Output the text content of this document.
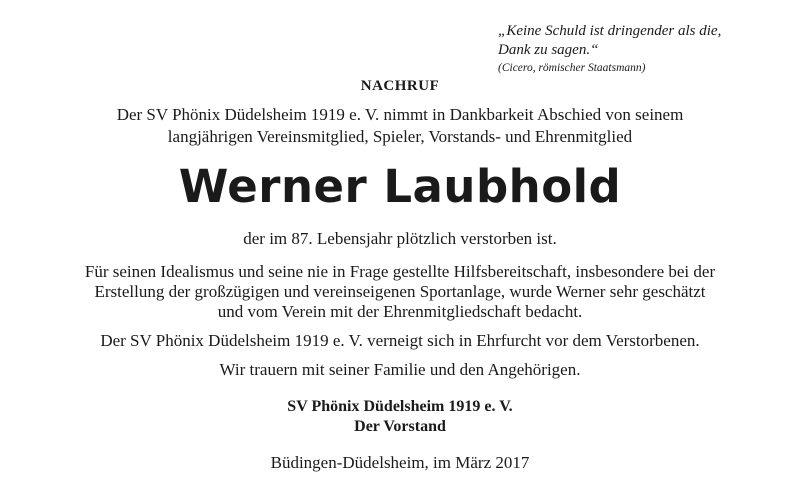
„Keine Schuld ist dringender als die,
Dank zu sagen.“
(Cicero, römischer Staatsmann)
NACHRUF
Der SV Phönix Düdelsheim 1919 e. V. nimmt in Dankbarkeit Abschied von seinem
langjährigen Vereinsmitglied, Spieler, Vorstands- und Ehrenmitglied
Werner Laubhold
der im 87. Lebensjahr plötzlich verstorben ist.

Für seinen Idealismus und seine nie in Frage gestellte Hilfsbereitschaft, insbesondere bei der
Erstellung der großzügigen und vereinseigenen Sportanlage, wurde Werner sehr geschätzt
und vom Verein mit der Ehrenmitgliedschaft bedacht.

Der SV Phönix Düdelsheim 1919 e. V. verneigt sich in Ehrfurcht vor dem Verstorbenen.

Wir trauern mit seiner Familie und den Angehörigen.

SV Phönix Düdelsheim 1919 e. V.
Der Vorstand
Büdingen-Düdelsheim, im März 2017
